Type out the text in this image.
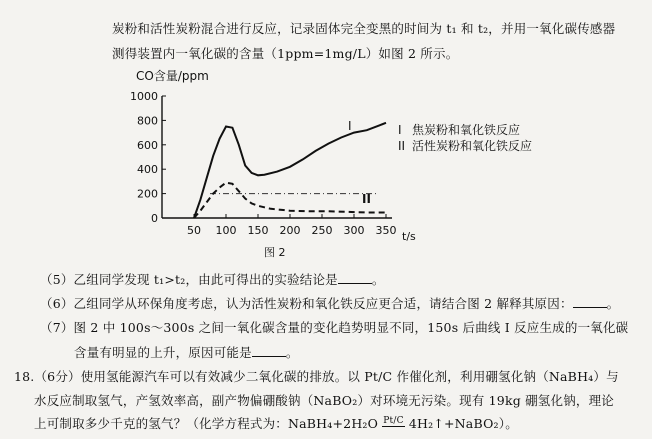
炭粉和活性炭粉混合进行反应，记录固体完全变黑的时间为 t₁ 和 t₂，并用一氧化碳传感器
测得装置内一氧化碳的含量（1ppm=1mg/L）如图 2 所示。
CO含量/ppm
1000
800
600
400
200
0
50 100 150 200 250 300 350
I
II
t/s
图 2
I 焦炭粉和氧化铁反应
II 活性炭粉和氧化铁反应
（5）乙组同学发现 t₁>t₂，由此可得出的实验结论是	。
（6）乙组同学从环保角度考虑，认为活性炭粉和氧化铁反应更合适，请结合图 2 解释其原因：	。
（7）图 2 中 100s～300s 之间一氧化碳含量的变化趋势明显不同，150s 后曲线 I 反应生成的一氧化碳
含量有明显的上升，原因可能是	。
18.（6分）使用氢能源汽车可以有效减少二氧化碳的排放。以 Pt/C 作催化剂，利用硼氢化钠（NaBH₄）与
水反应制取氢气，产氢效率高，副产物偏硼酸钠（NaBO₂）对环境无污染。现有 19kg 硼氢化钠，理论
上可制取多少千克的氢气？（化学方程式为：NaBH₄+2H₂O Pt/C 4H₂↑+NaBO₂）。
